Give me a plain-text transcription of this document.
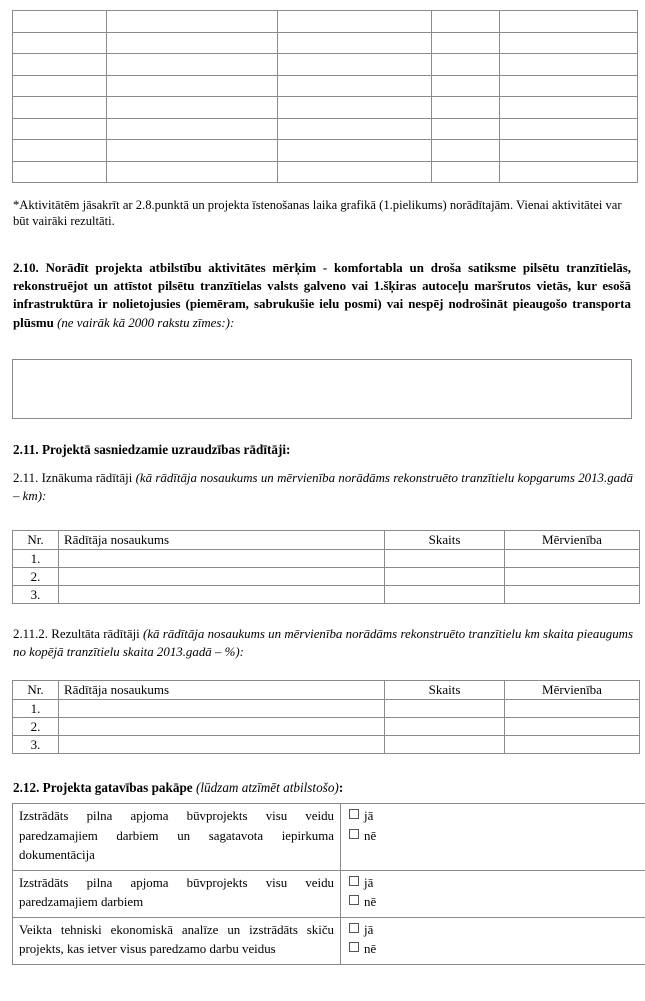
*Aktivitātēm jāsakrīt ar 2.8.punktā un projekta īstenošanas laika grafikā (1.pielikums) norādītajām. Vienai aktivitātei var būt vairāki rezultāti.
2.10. Norādīt projekta atbilstību aktivitātes mērķim - komfortabla un droša satiksme pilsētu tranzītielās, rekonstruējot un attīstot pilsētu tranzītielas valsts galveno vai 1.šķiras autoceļu maršrutos vietās, kur esošā infrastruktūra ir nolietojusies (piemēram, sabrukušie ielu posmi) vai nespēj nodrošināt pieaugošo transporta plūsmu (ne vairāk kā 2000 rakstu zīmes:):
2.11. Projektā sasniedzamie uzraudzības rādītāji:
2.11. Iznākuma rādītāji (kā rādītāja nosaukums un mērvienība norādāms rekonstruēto tranzītielu kopgarums 2013.gadā – km):
Nr.	Rādītāja nosaukums	Skaits	Mērvienība
1.			
2.			
3.			
2.11.2. Rezultāta rādītāji (kā rādītāja nosaukums un mērvienība norādāms rekonstruēto tranzītielu km skaita pieaugums no kopējā tranzītielu skaita 2013.gadā – %):
Nr.	Rādītāja nosaukums	Skaits	Mērvienība
1.			
2.			
3.			
2.12. Projekta gatavības pakāpe (lūdzam atzīmēt atbilstošo):
Izstrādāts pilna apjoma būvprojekts visu veidu paredzamajiem darbiem un sagatavota iepirkuma dokumentācija	jā
nē

Izstrādāts pilna apjoma būvprojekts visu veidu paredzamajiem darbiem	jā
nē

Veikta tehniski ekonomiskā analīze un izstrādāts skiču projekts, kas ietver visus paredzamo darbu veidus	jā
nē
